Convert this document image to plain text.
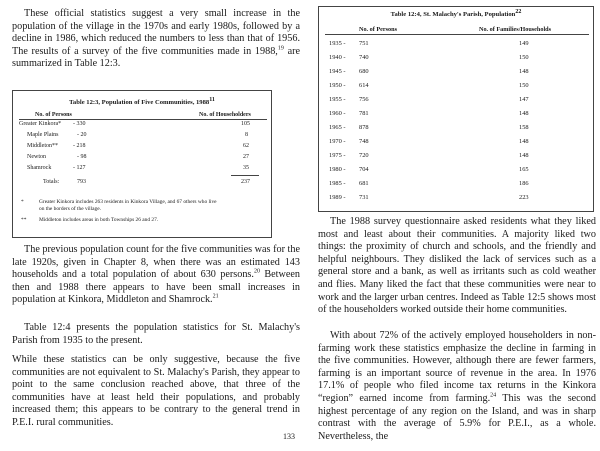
These official statistics suggest a very small increase in the population of the village in the 1970s and early 1980s, followed by a decline in 1986, which reduced the numbers to less than that of 1956. The results of a survey of the five communities made in 1988,19 are summarized in Table 12:3.

Table 12:3, Population of Five Communities, 1988$^{11}$
No. of Persons	No. of Householders
Greater Kinkora* - 330	105
Maple Plains	- 20	8
Middleton**	- 218	62
Newton	- 98	27
Shamrock	- 127	35
Totals:	793	237
*	Greater Kinkora includes 263 residents in Kinkora Village, and 67 others who live
on the borders of the village.
** Middleton includes areas in both Townships 26 and 27.

The previous population count for the five communities was for the late 1920s, given in Chapter 8, when there was an estimated 143 households and a total population of about 630 persons.$^{20}$ Between then and 1988 there appears to have been small increases in population at Kinkora, Middleton and Shamrock.$^{21}$

Table 12:4 presents the population statistics for St. Malachy's Parish from 1935 to the present.

While these statistics can be only suggestive, because the five communities are not equivalent to St. Malachy's Parish, they appear to point to the same conclusion reached above, that three of the communities have at least held their populations, and probably increased them; this appears to be contrary to the general trend in P.E.I. rural communities.

Table 12:4, St. Malachy's Parish, Population$^{22}$
No. of Persons	No. of Families/Households
1935 - 751	149
1940 - 740	150
1945 - 680	148
1950 - 614	150
1955 - 756	147
1960 - 781	148
1965 - 878	158
1970 - 748	148
1975 - 720	148
1980 - 704	165
1985 - 681	186
1989 - 731	223

The 1988 survey questionnaire asked residents what they liked most and least about their communities. A majority liked two things: the proximity of church and schools, and the friendly and helpful neighbours. They disliked the lack of services such as a general store and a bank, as well as irritants such as cold weather and flies. Many liked the fact that these communities were near to work and the larger urban centres. Indeed as Table 12:5 shows most of the householders worked outside their home communities.

With about 72% of the actively employed householders in non-farming work these statistics emphasize the decline in farming in the five communities. However, although there are fewer farmers, farming is an important source of revenue in the area. In 1976 17.1% of people who filed income tax returns in the Kinkora “region” earned income from farming.$^{24}$ This was the second highest percentage of any region on the Island, and was in sharp contrast with the average of 5.9% for P.E.I., as a whole. Nevertheless, the

133
